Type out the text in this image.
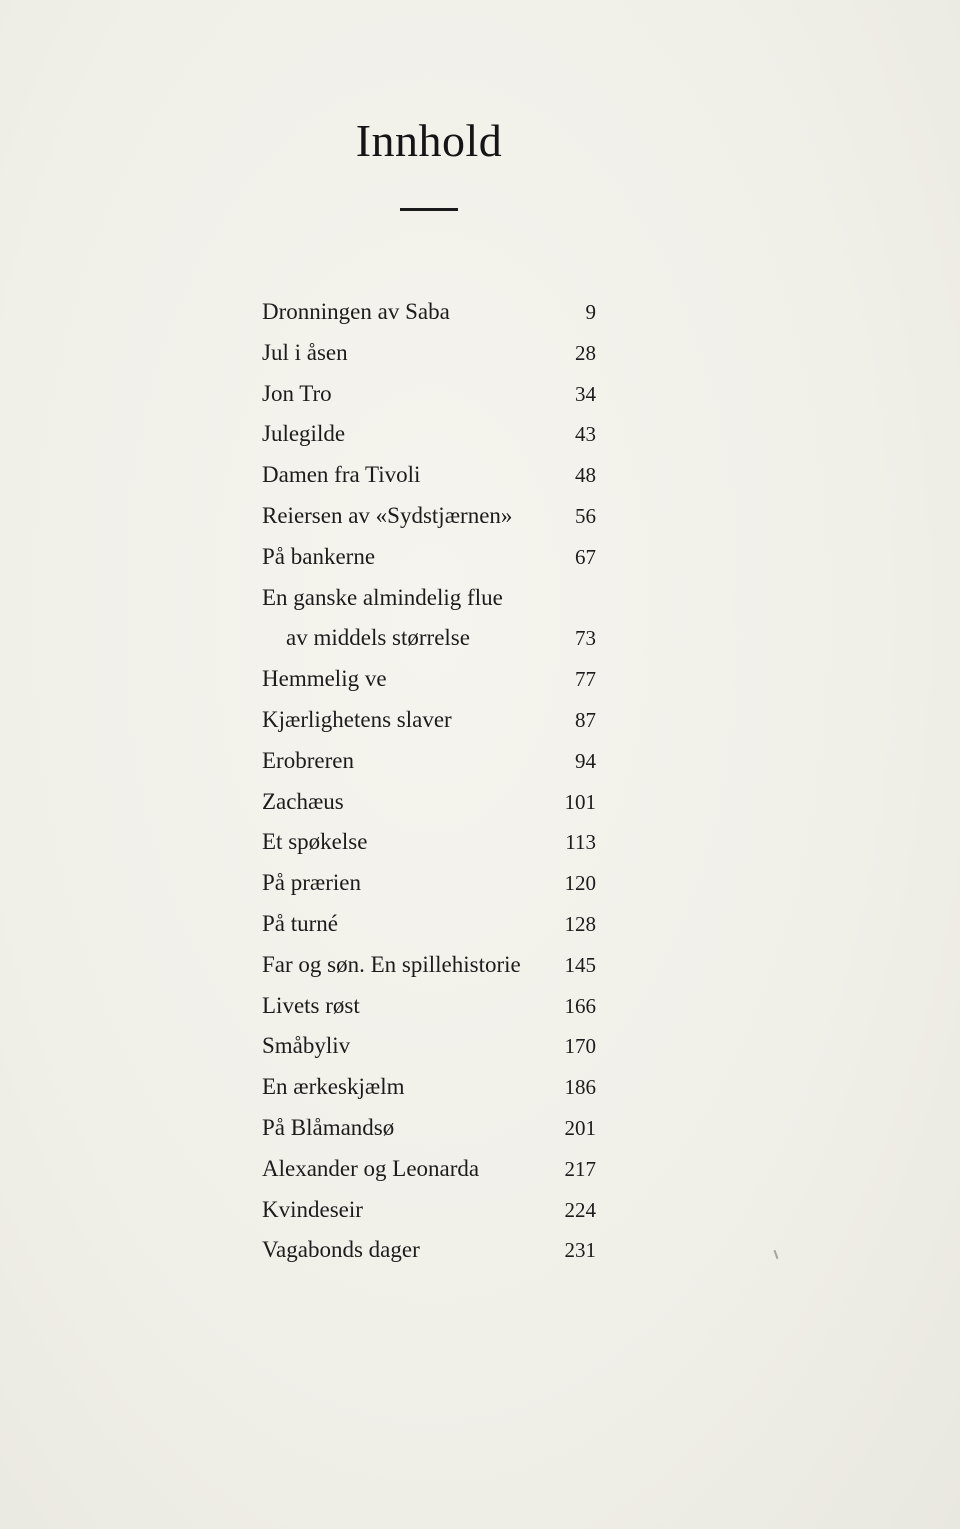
Innhold
Dronningen av Saba	9
Jul i åsen	28
Jon Tro	34
Julegilde	43
Damen fra Tivoli	48
Reiersen av «Sydstjærnen»	56
På bankerne	67
En ganske almindelig flue
av middels størrelse	73
Hemmelig ve	77
Kjærlighetens slaver	87
Erobreren	94
Zachæus	101
Et spøkelse	113
På prærien	120
På turné	128
Far og søn. En spillehistorie 145
Livets røst	166
Småbyliv	170
En ærkeskjælm	186
På Blåmandsø	201
Alexander og Leonarda	217
Kvindeseir	224
Vagabonds dager	231
